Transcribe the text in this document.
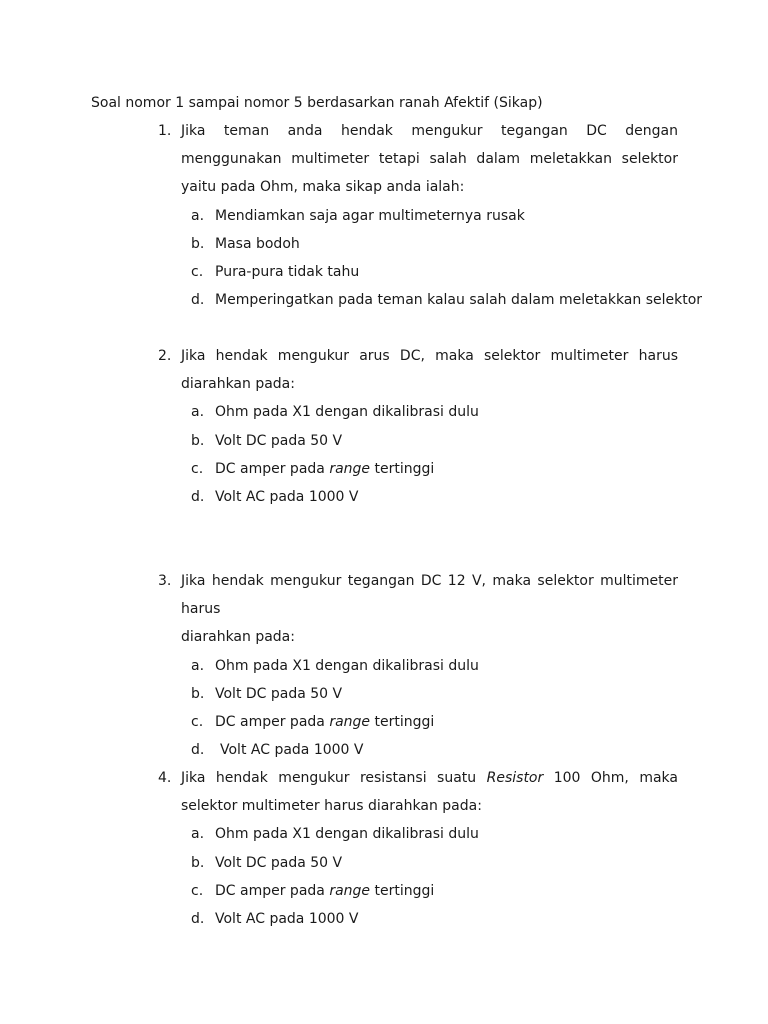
Soal nomor 1 sampai nomor 5 berdasarkan ranah Afektif (Sikap)
1. Jika teman anda hendak mengukur tegangan DC dengan menggunakan multimeter tetapi salah dalam meletakkan selektor yaitu pada Ohm, maka sikap anda ialah:
a. Mendiamkan saja agar multimeternya rusak
b. Masa bodoh
c. Pura-pura tidak tahu
d. Memperingatkan pada teman kalau salah dalam meletakkan selektor
2. Jika hendak mengukur arus DC, maka selektor multimeter harus
diarahkan pada:
a. Ohm pada X1 dengan dikalibrasi dulu
b. Volt DC pada 50 V
c. DC amper pada range tertinggi
d. Volt AC pada 1000 V
3. Jika hendak mengukur tegangan DC 12 V, maka selektor multimeter harus
diarahkan pada:
a. Ohm pada X1 dengan dikalibrasi dulu
b. Volt DC pada 50 V
c. DC amper pada range tertinggi
d. Volt AC pada 1000 V
4. Jika hendak mengukur resistansi suatu Resistor 100 Ohm, maka selektor multimeter harus diarahkan pada:
a. Ohm pada X1 dengan dikalibrasi dulu
b. Volt DC pada 50 V
c. DC amper pada range tertinggi
d. Volt AC pada 1000 V
